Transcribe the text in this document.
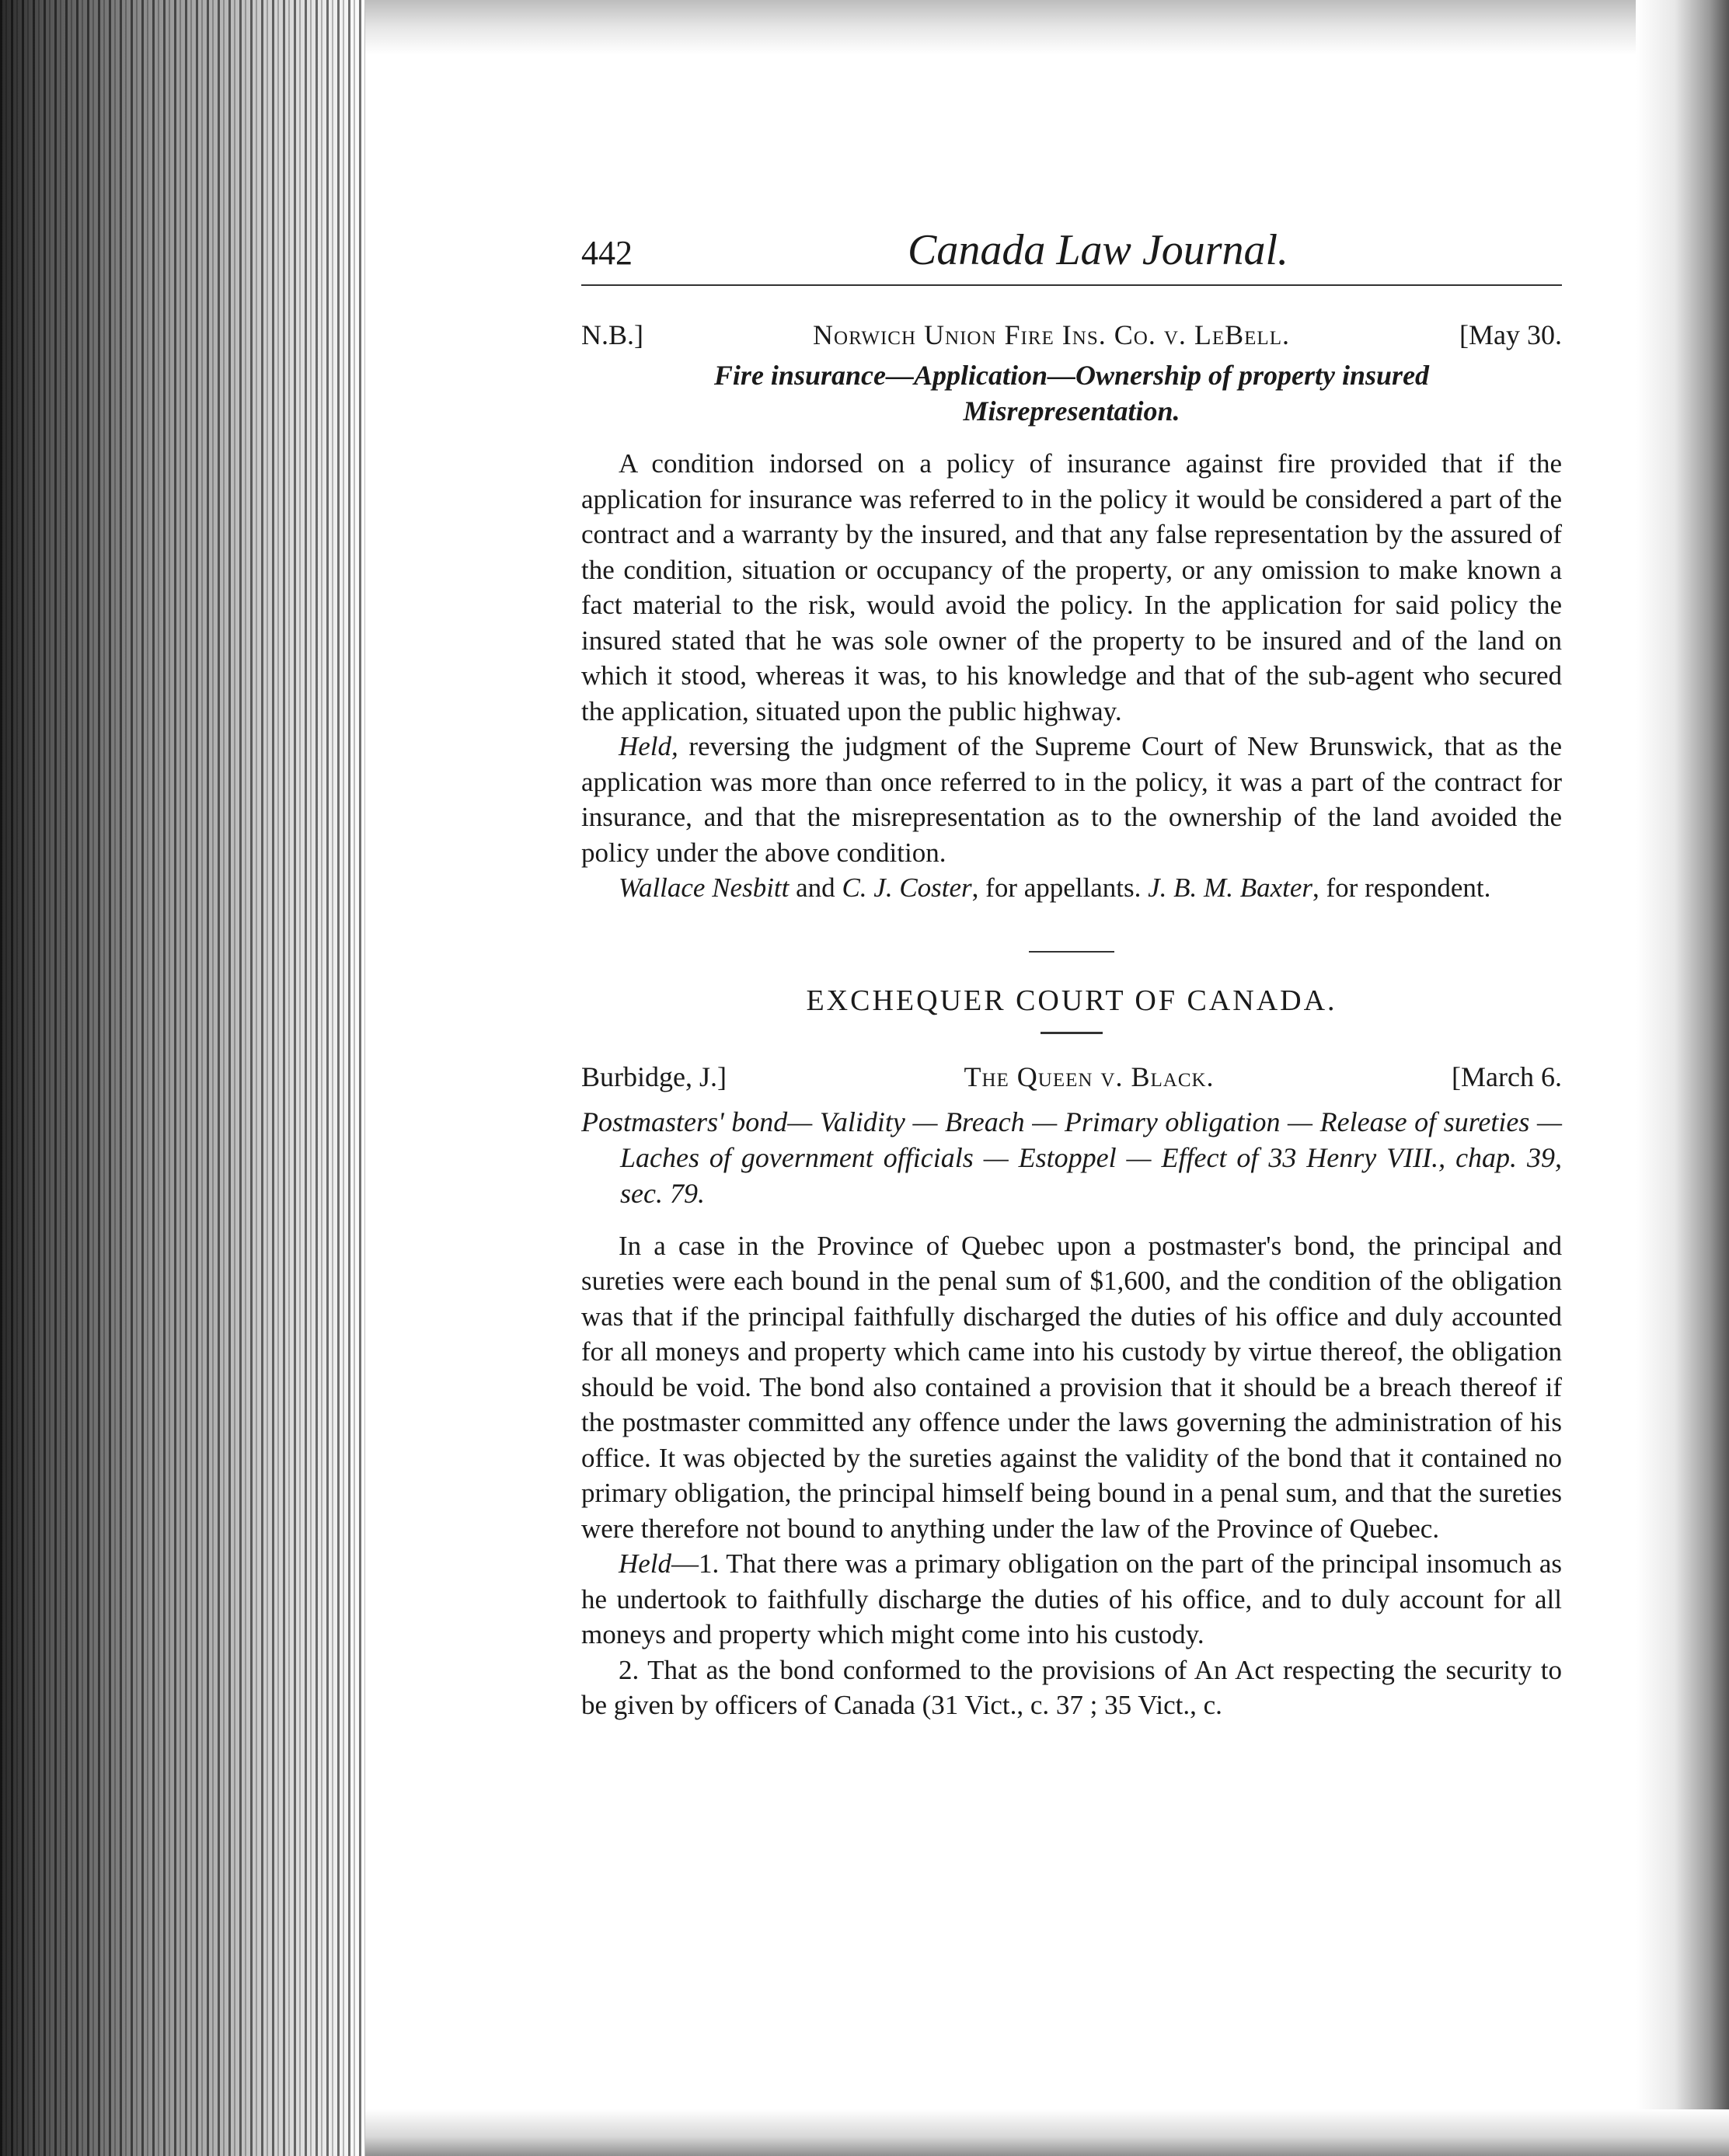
442	Canada Law Journal.
N.B.]	Norwich Union Fire Ins. Co. v. LeBell.	[May 30.
Fire insurance—Application—Ownership of property insured
Misrepresentation.

A condition indorsed on a policy of insurance against fire provided that if the application for insurance was referred to in the policy it would be considered a part of the contract and a warranty by the insured, and that any false representation by the assured of the condition, situation or occupancy of the property, or any omission to make known a fact material to the risk, would avoid the policy. In the application for said policy the insured stated that he was sole owner of the property to be insured and of the land on which it stood, whereas it was, to his knowledge and that of the sub-agent who secured the application, situated upon the public highway.

Held, reversing the judgment of the Supreme Court of New Brunswick, that as the application was more than once referred to in the policy, it was a part of the contract for insurance, and that the misrepresentation as to the ownership of the land avoided the policy under the above condition.

Wallace Nesbitt and C. J. Coster, for appellants. J. B. M. Baxter, for respondent.

EXCHEQUER COURT OF CANADA.
Burbidge, J.]	The Queen v. Black.	[March 6.
Postmasters' bond— Validity — Breach — Primary obligation — Release of sureties — Laches of government officials — Estoppel — Effect of 33 Henry VIII., chap. 39, sec. 79.

In a case in the Province of Quebec upon a postmaster's bond, the principal and sureties were each bound in the penal sum of $1,600, and the condition of the obligation was that if the principal faithfully discharged the duties of his office and duly accounted for all moneys and property which came into his custody by virtue thereof, the obligation should be void. The bond also contained a provision that it should be a breach thereof if the postmaster committed any offence under the laws governing the administration of his office. It was objected by the sureties against the validity of the bond that it contained no primary obligation, the principal himself being bound in a penal sum, and that the sureties were therefore not bound to anything under the law of the Province of Quebec.

Held—1. That there was a primary obligation on the part of the principal insomuch as he undertook to faithfully discharge the duties of his office, and to duly account for all moneys and property which might come into his custody.

2. That as the bond conformed to the provisions of An Act respecting the security to be given by officers of Canada (31 Vict., c. 37 ; 35 Vict., c.
